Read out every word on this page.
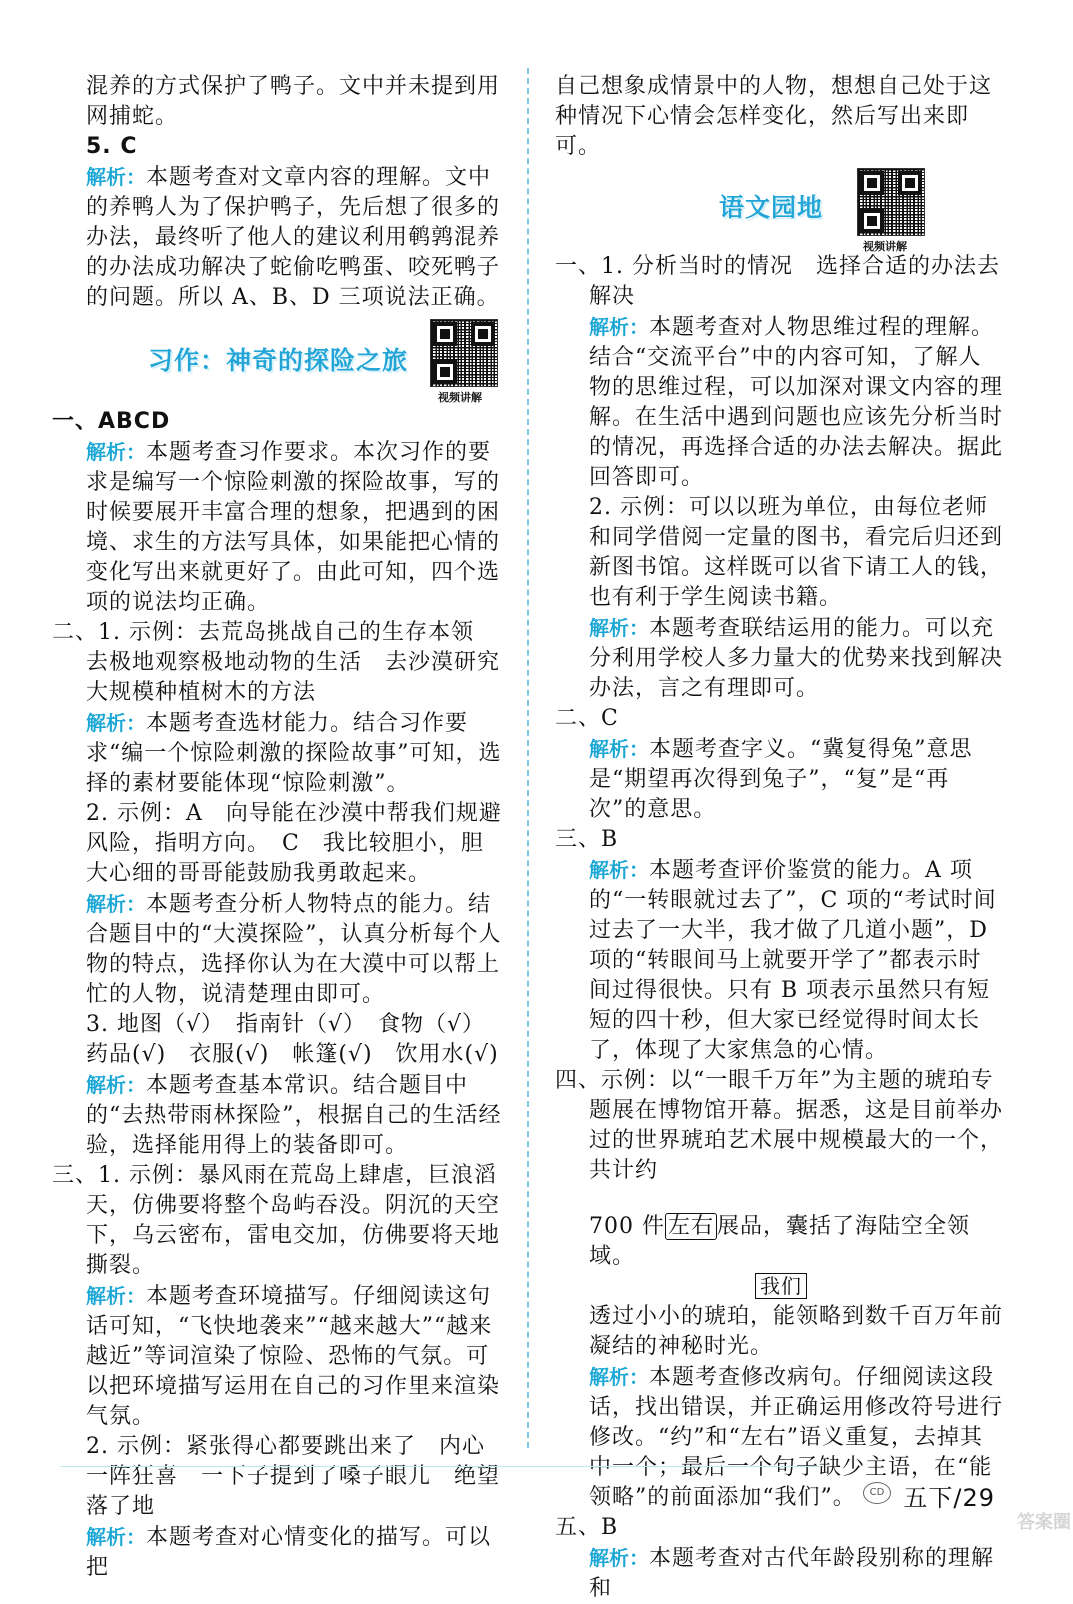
混养的方式保护了鸭子。文中并未提到用网捕蛇。

5. C

解析：本题考查对文章内容的理解。文中的养鸭人为了保护鸭子，先后想了很多的办法，最终听了他人的建议利用鹌鹑混养的办法成功解决了蛇偷吃鸭蛋、咬死鸭子的问题。所以 A、B、D 三项说法正确。

习作：神奇的探险之旅
视频讲解

一、ABCD

解析：本题考查习作要求。本次习作的要求是编写一个惊险刺激的探险故事，写的时候要展开丰富合理的想象，把遇到的困境、求生的方法写具体，如果能把心情的变化写出来就更好了。由此可知，四个选项的说法均正确。

二、1. 示例：去荒岛挑战自己的生存本领　去极地观察极地动物的生活　去沙漠研究大规模种植树木的方法

解析：本题考查选材能力。结合习作要求“编一个惊险刺激的探险故事”可知，选择的素材要能体现“惊险刺激”。

2. 示例：A　向导能在沙漠中帮我们规避风险，指明方向。　C　我比较胆小，胆大心细的哥哥能鼓励我勇敢起来。

解析：本题考查分析人物特点的能力。结合题目中的“大漠探险”，认真分析每个人物的特点，选择你认为在大漠中可以帮上忙的人物，说清楚理由即可。

3. 地图（√）　指南针（√）　食物（√）

药品(√)　衣服(√)　帐篷(√)　饮用水(√)

解析：本题考查基本常识。结合题目中的“去热带雨林探险”，根据自己的生活经验，选择能用得上的装备即可。

三、1. 示例：暴风雨在荒岛上肆虐，巨浪滔天，仿佛要将整个岛屿吞没。阴沉的天空下，乌云密布，雷电交加，仿佛要将天地撕裂。

解析：本题考查环境描写。仔细阅读这句话可知，“飞快地袭来”“越来越大”“越来越近”等词渲染了惊险、恐怖的气氛。可以把环境描写运用在自己的习作里来渲染气氛。

2. 示例：紧张得心都要跳出来了　内心一阵狂喜　一下子提到了嗓子眼儿　绝望　落了地

解析：本题考查对心情变化的描写。可以把

自己想象成情景中的人物，想想自己处于这种情况下心情会怎样变化，然后写出来即可。

语文园地
视频讲解

一、1. 分析当时的情况　选择合适的办法去解决

解析：本题考查对人物思维过程的理解。结合“交流平台”中的内容可知，了解人物的思维过程，可以加深对课文内容的理解。在生活中遇到问题也应该先分析当时的情况，再选择合适的办法去解决。据此回答即可。

2. 示例：可以以班为单位，由每位老师和同学借阅一定量的图书，看完后归还到新图书馆。这样既可以省下请工人的钱，也有利于学生阅读书籍。

解析：本题考查联结运用的能力。可以充分利用学校人多力量大的优势来找到解决办法，言之有理即可。

二、C

解析：本题考查字义。“冀复得兔”意思是“期望再次得到兔子”，“复”是“再次”的意思。

三、B

解析：本题考查评价鉴赏的能力。A 项的“一转眼就过去了”，C 项的“考试时间过去了一大半，我才做了几道小题”，D 项的“转眼间马上就要开学了”都表示时间过得很快。只有 B 项表示虽然只有短短的四十秒，但大家已经觉得时间太长了，体现了大家焦急的心情。

四、示例：以“一眼千万年”为主题的琥珀专题展在博物馆开幕。据悉，这是目前举办过的世界琥珀艺术展中规模最大的一个，共计约

700 件 左右 展品，囊括了海陆空全领域。

我们

透过小小的琥珀，能领略到数千百万年前凝结的神秘时光。

解析：本题考查修改病句。仔细阅读这段话，找出错误，并正确运用修改符号进行修改。“约”和“左右”语义重复，去掉其中一个；最后一个句子缺少主语，在“能领略”的前面添加“我们”。

五、B

解析：本题考查对古代年龄段别称的理解和

CD 五下/29
答案圈
